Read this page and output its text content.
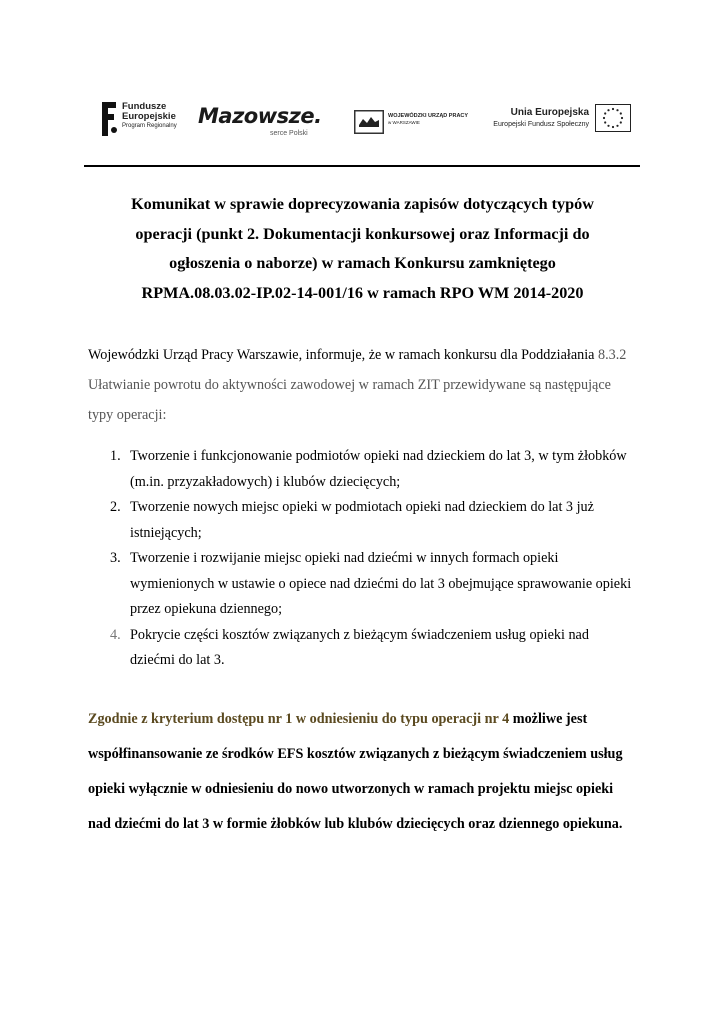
Fundusze
Europejskie
Program Regionalny Mazowsze.
serce Polski
WOJEWÓDZKI URZĄD PRACY
w WARSZAWIE
Unia Europejska
Europejski Fundusz Społeczny
Komunikat w sprawie doprecyzowania zapisów dotyczących typów
operacji (punkt 2. Dokumentacji konkursowej oraz Informacji do
ogłoszenia o naborze) w ramach Konkursu zamkniętego
RPMA.08.03.02-IP.02-14-001/16 w ramach RPO WM 2014-2020
Wojewódzki Urząd Pracy Warszawie, informuje, że w ramach konkursu dla Poddziałania 8.3.2
Ułatwianie powrotu do aktywności zawodowej w ramach ZIT przewidywane są następujące
typy operacji:
1. Tworzenie i funkcjonowanie podmiotów opieki nad dzieckiem do lat 3, w tym żłobków
(m.in. przyzakładowych) i klubów dziecięcych;
2. Tworzenie nowych miejsc opieki w podmiotach opieki nad dzieckiem do lat 3 już
istniejących;
3. Tworzenie i rozwijanie miejsc opieki nad dziećmi w innych formach opieki
wymienionych w ustawie o opiece nad dziećmi do lat 3 obejmujące sprawowanie opieki
przez opiekuna dziennego;
4. Pokrycie części kosztów związanych z bieżącym świadczeniem usług opieki nad
dziećmi do lat 3.
Zgodnie z kryterium dostępu nr 1 w odniesieniu do typu operacji nr 4 możliwe jest
współfinansowanie ze środków EFS kosztów związanych z bieżącym świadczeniem usług
opieki wyłącznie w odniesieniu do nowo utworzonych w ramach projektu miejsc opieki
nad dziećmi do lat 3 w formie żłobków lub klubów dziecięcych oraz dziennego opiekuna.
